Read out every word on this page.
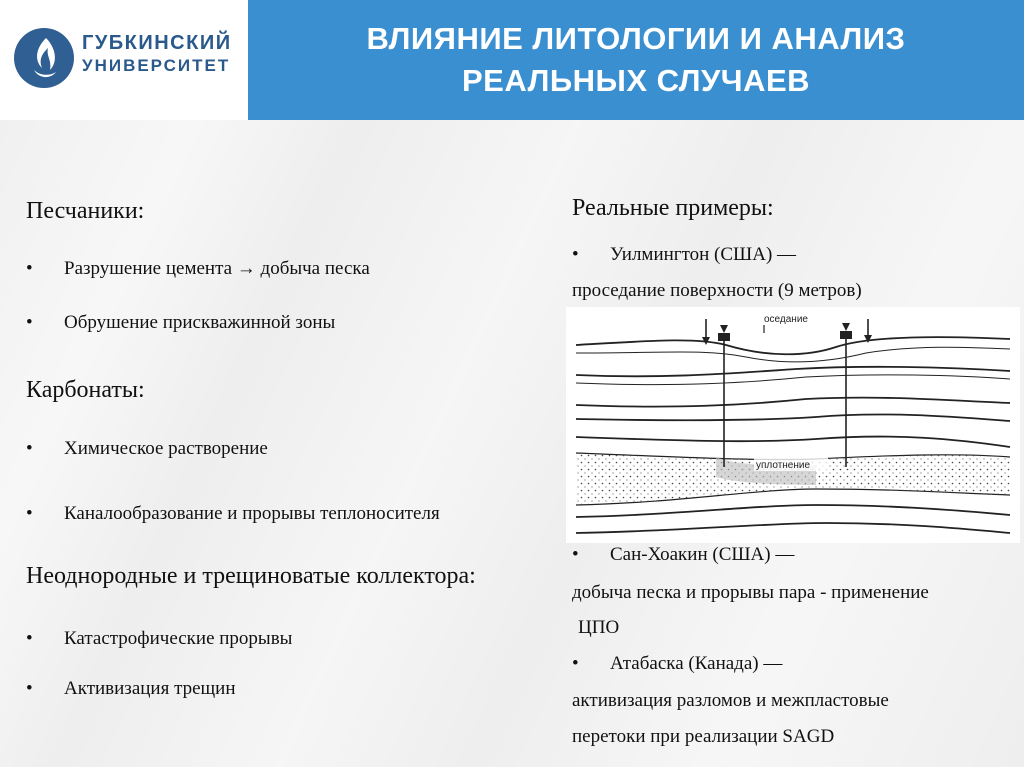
ГУБКИНСКИЙ
УНИВЕРСИТЕТ
ВЛИЯНИЕ ЛИТОЛОГИИ И АНАЛИЗ
РЕАЛЬНЫХ СЛУЧАЕВ
Песчаники:
• Разрушение цемента → добыча песка
• Обрушение прискважинной зоны
Карбонаты:
• Химическое растворение
• Каналообразование и прорывы теплоносителя
Неоднородные и трещиноватые коллектора:
• Катастрофические прорывы
• Активизация трещин
Реальные примеры:
• Уилмингтон (США) —
проседание поверхности (9 метров)
оседание
уплотнение
• Сан-Хоакин (США) —
добыча песка и прорывы пара - применение
ЦПО
• Атабаска (Канада) —
активизация разломов и межпластовые
перетоки при реализации SAGD
